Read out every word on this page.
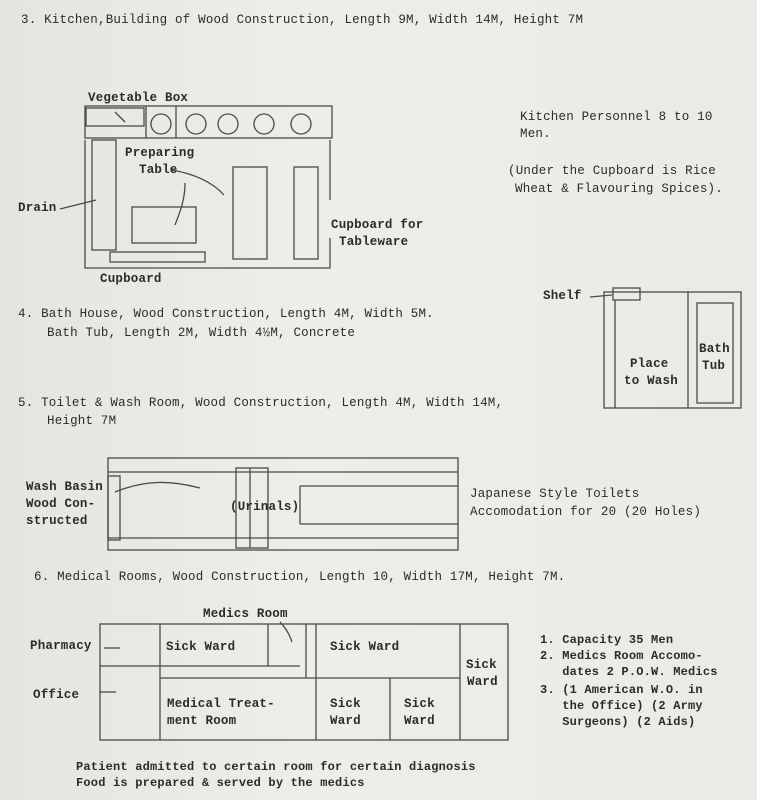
3. Kitchen,Building of Wood Construction, Length 9M, Width 14M, Height 7M
Vegetable Box
Preparing
Table
Drain
Cupboard for
Tableware
Cupboard
Kitchen Personnel 8 to 10
Men.
(Under the Cupboard is Rice
Wheat & Flavouring Spices).
4. Bath House, Wood Construction, Length 4M, Width 5M.
Bath Tub, Length 2M, Width 4½M, Concrete
Shelf
Place
to Wash
Bath
Tub
5. Toilet & Wash Room, Wood Construction, Length 4M, Width 14M,
Height 7M
Wash Basin
Wood Con-
structed
(Urinals)
Japanese Style Toilets
Accomodation for 20 (20 Holes)
6. Medical Rooms, Wood Construction, Length 10, Width 17M, Height 7M.
Medics Room
Pharmacy
Office
Sick Ward	Sick Ward
Sick
Ward
Medical Treat-
ment Room
Sick
Ward
Sick
Ward
1. Capacity 35 Men
2. Medics Room Accomo-
dates 2 P.O.W. Medics
3. (1 American W.O. in
the Office) (2 Army
Surgeons) (2 Aids)
Patient admitted to certain room for certain diagnosis
Food is prepared & served by the medics
